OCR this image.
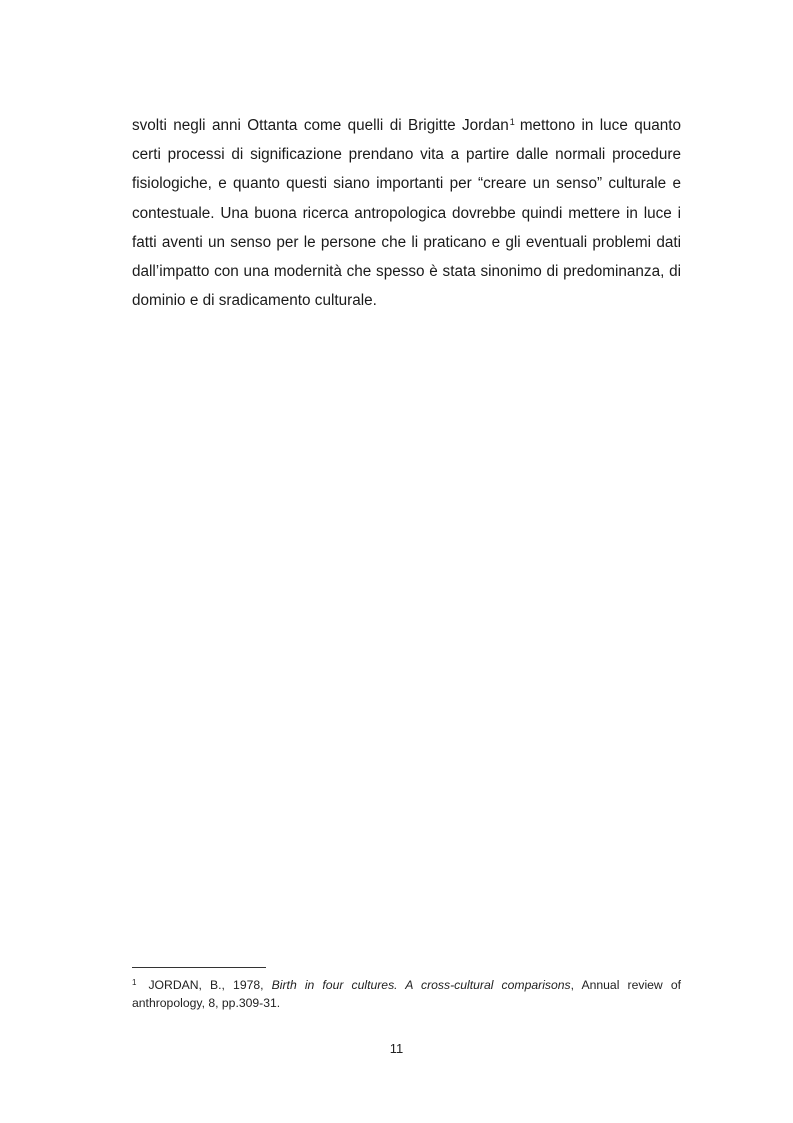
svolti negli anni Ottanta come quelli di Brigitte Jordan$^1$ mettono in luce quanto certi processi di significazione prendano vita a partire dalle normali procedure fisiologiche, e quanto questi siano importanti per “creare un senso” culturale e contestuale. Una buona ricerca antropologica dovrebbe quindi mettere in luce i fatti aventi un senso per le persone che li praticano e gli eventuali problemi dati dall’impatto con una modernità che spesso è stata sinonimo di predominanza, di dominio e di sradicamento culturale.

$^1$ JORDAN, B., 1978, Birth in four cultures. A cross-cultural comparisons, Annual review of anthropology, 8, pp.309-31.

11
